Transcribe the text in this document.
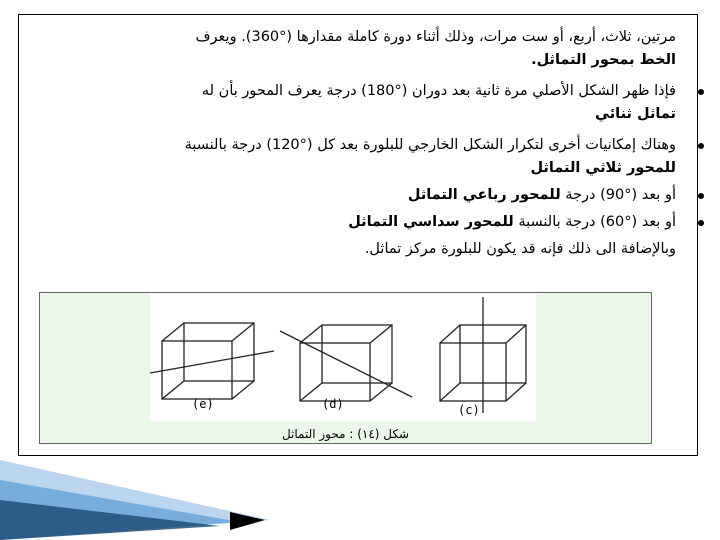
مرتين، ثلاث، أربع، أو ست مرات، وذلك أثناء دورة كاملة مقدارها (°360). ويعرف
الخط بمحور التماثل.

فإذا ظهر الشكل الأصلي مرة ثانية بعد دوران (°180) درجة يعرف المحور بأن له
تماثل ثنائي

وهناك إمكانيات أخرى لتكرار الشكل الخارجي للبلورة بعد كل (°120) درجة بالنسبة
للمحور ثلاثي التماثل

أو بعد (°90) درجة للمحور رباعي التماثل

أو بعد (°60) درجة بالنسبة للمحور سداسي التماثل

وبالإضافة الى ذلك فإنه قد يكون للبلورة مركز تماثل.

(e)	(d)	(c)
شكل (١٤) : محور التماثل
